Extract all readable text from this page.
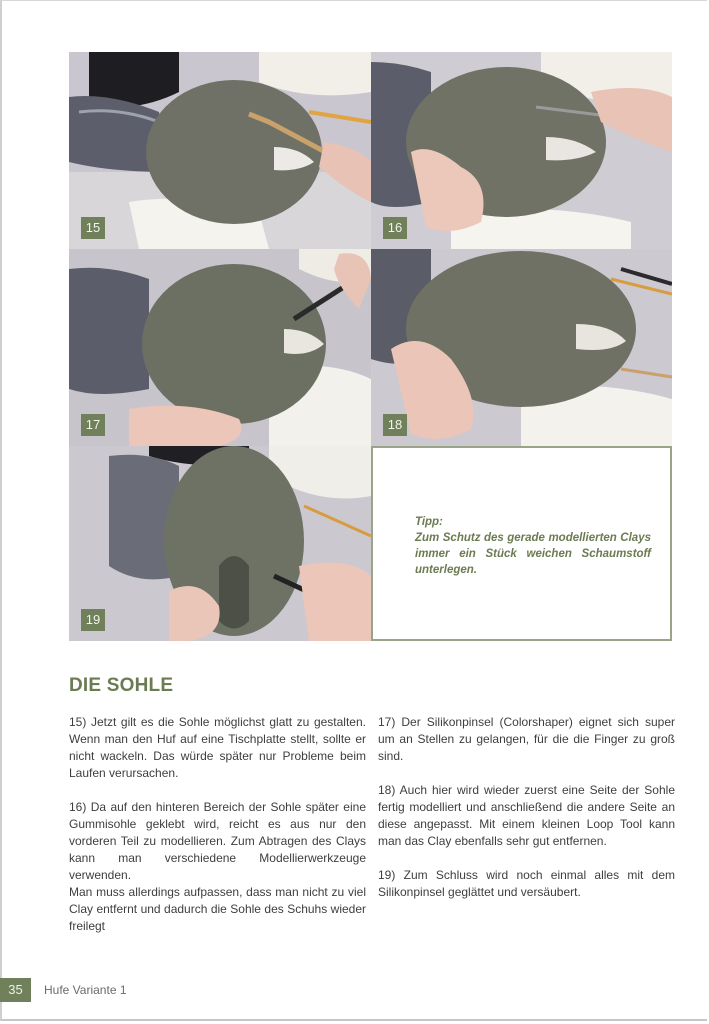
15	16
17	18
19
Tipp:
Zum Schutz des gerade modellierten Clays immer ein Stück weichen Schaumstoff unterlegen.
DIE SOHLE

15) Jetzt gilt es die Sohle möglichst glatt zu gestalten. Wenn man den Huf auf eine Tischplatte stellt, sollte er nicht wackeln. Das würde später nur Probleme beim Laufen verursachen.

16) Da auf den hinteren Bereich der Sohle später eine Gummisohle geklebt wird, reicht es aus nur den vorderen Teil zu modellieren. Zum Abtragen des Clays kann man verschiedene Modellierwerkzeuge verwenden.

Man muss allerdings aufpassen, dass man nicht zu viel Clay entfernt und dadurch die Sohle des Schuhs wieder freilegt

17) Der Silikonpinsel (Colorshaper) eignet sich super um an Stellen zu gelangen, für die die Finger zu groß sind.

18) Auch hier wird wieder zuerst eine Seite der Sohle fertig modelliert und anschließend die andere Seite an diese angepasst. Mit einem kleinen Loop Tool kann man das Clay ebenfalls sehr gut entfernen.

19) Zum Schluss wird noch einmal alles mit dem Silikonpinsel geglättet und versäubert.

35	Hufe Variante 1
